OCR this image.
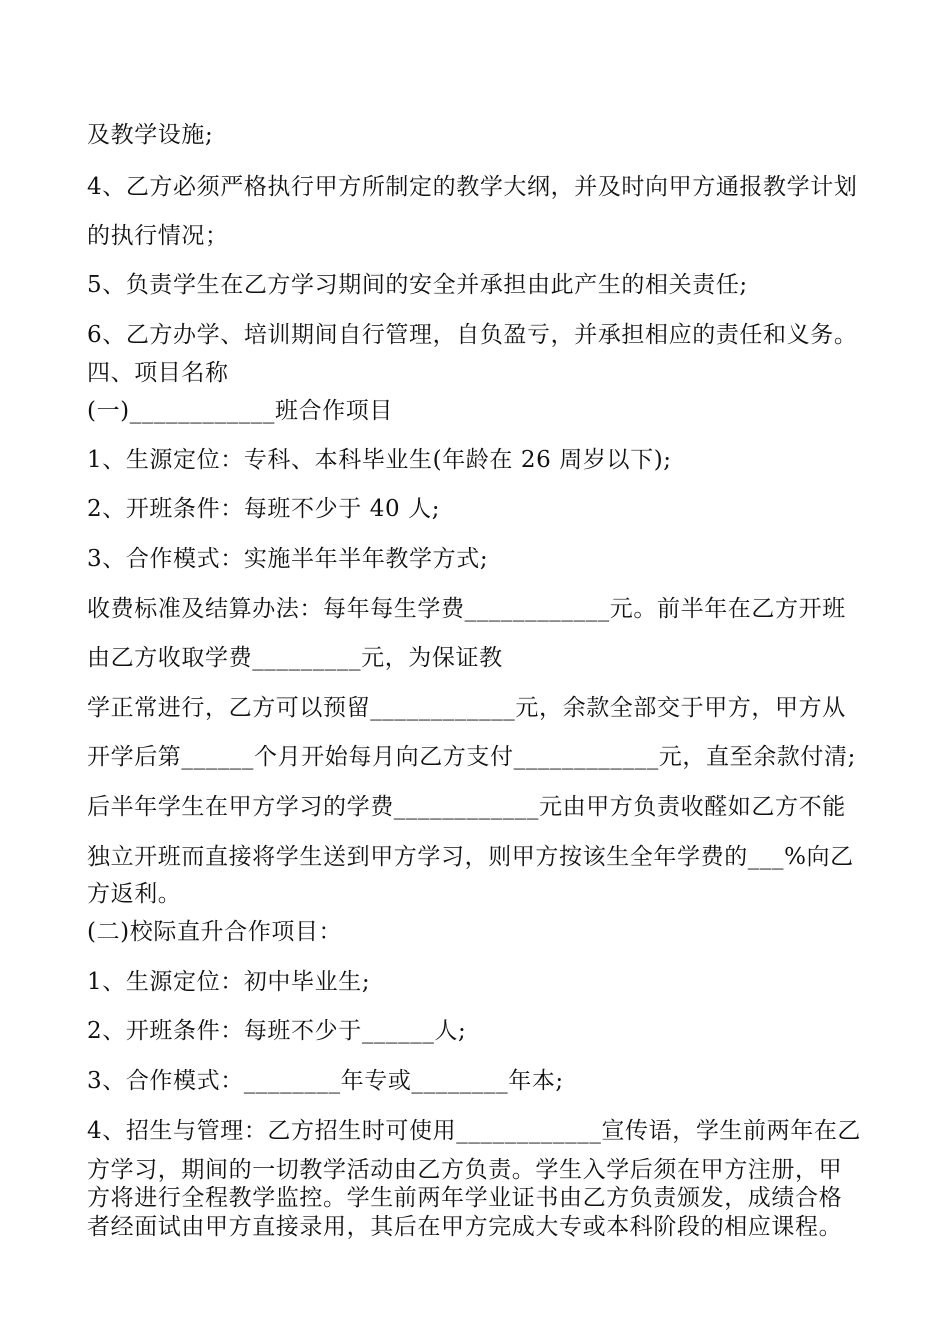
及教学设施;
4、乙方必须严格执行甲方所制定的教学大纲，并及时向甲方通报教学计划
的执行情况；
5、负责学生在乙方学习期间的安全并承担由此产生的相关责任;
6、乙方办学、培训期间自行管理，自负盈亏，并承担相应的责任和义务。
四、项目名称
(一)____________班合作项目
1、生源定位：专科、本科毕业生(年龄在 26 周岁以下);
2、开班条件：每班不少于 40 人;
3、合作模式：实施半年半年教学方式;
收费标准及结算办法：每年每生学费____________元。前半年在乙方开班
由乙方收取学费_________元，为保证教
学正常进行，乙方可以预留____________元，余款全部交于甲方，甲方从
开学后第______个月开始每月向乙方支付____________元，直至余款付清;
后半年学生在甲方学习的学费____________元由甲方负责收醛如乙方不能
独立开班而直接将学生送到甲方学习，则甲方按该生全年学费的___%向乙
方返利。
(二)校际直升合作项目：
1、生源定位：初中毕业生;
2、开班条件：每班不少于______人;
3、合作模式：________年专或________年本;
4、招生与管理：乙方招生时可使用____________宣传语，学生前两年在乙
方学习，期间的一切教学活动由乙方负责。学生入学后须在甲方注册，甲
方将进行全程教学监控。学生前两年学业证书由乙方负责颁发，成绩合格
者经面试由甲方直接录用，其后在甲方完成大专或本科阶段的相应课程。
